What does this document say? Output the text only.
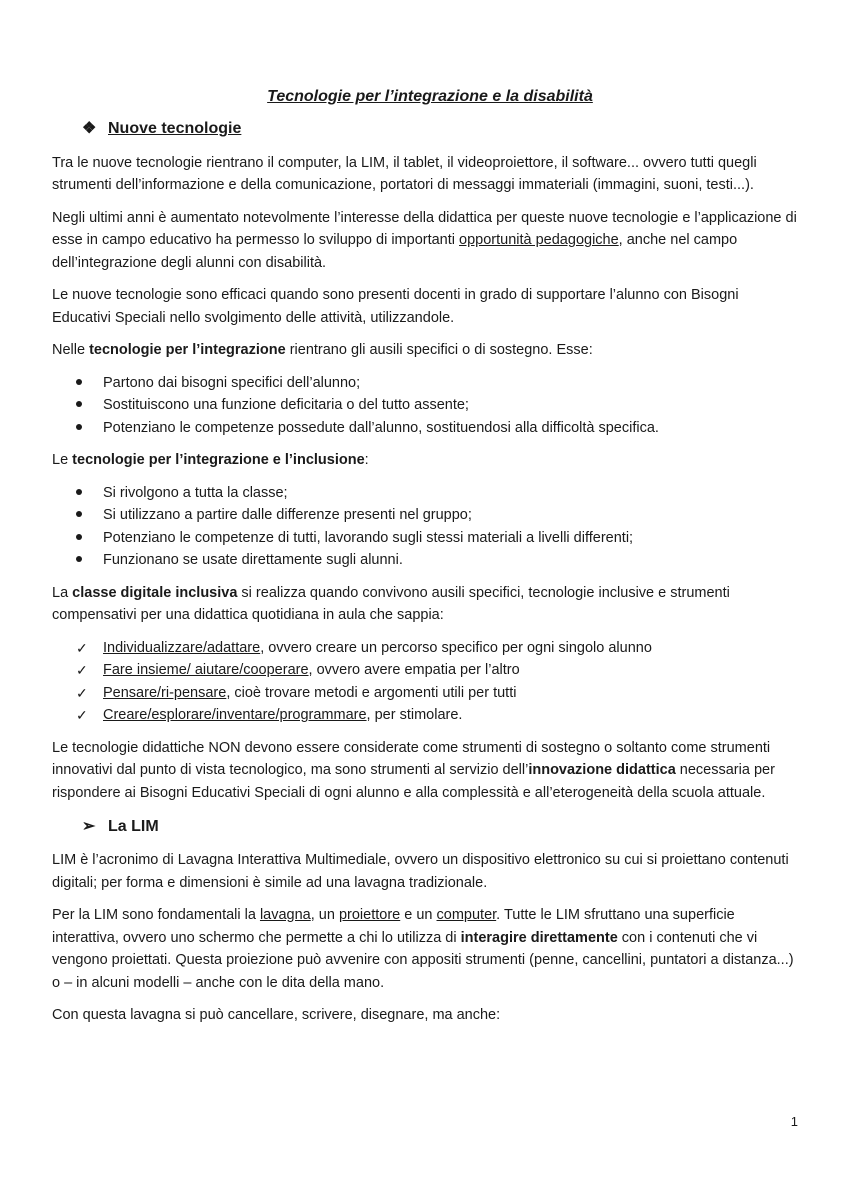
Tecnologie per l’integrazione e la disabilità
❖ Nuove tecnologie

Tra le nuove tecnologie rientrano il computer, la LIM, il tablet, il videoproiettore, il software... ovvero tutti quegli strumenti dell’informazione e della comunicazione, portatori di messaggi immateriali (immagini, suoni, testi...).

Negli ultimi anni è aumentato notevolmente l’interesse della didattica per queste nuove tecnologie e l’applicazione di esse in campo educativo ha permesso lo sviluppo di importanti opportunità pedagogiche, anche nel campo dell’integrazione degli alunni con disabilità.

Le nuove tecnologie sono efficaci quando sono presenti docenti in grado di supportare l’alunno con Bisogni Educativi Speciali nello svolgimento delle attività, utilizzandole.

Nelle tecnologie per l’integrazione rientrano gli ausili specifici o di sostegno. Esse:

Partono dai bisogni specifici dell’alunno;
Sostituiscono una funzione deficitaria o del tutto assente;
Potenziano le competenze possedute dall’alunno, sostituendosi alla difficoltà specifica.

Le tecnologie per l’integrazione e l’inclusione:

Si rivolgono a tutta la classe;
Si utilizzano a partire dalle differenze presenti nel gruppo;
Potenziano le competenze di tutti, lavorando sugli stessi materiali a livelli differenti;
Funzionano se usate direttamente sugli alunni.

La classe digitale inclusiva si realizza quando convivono ausili specifici, tecnologie inclusive e strumenti compensativi per una didattica quotidiana in aula che sappia:

✓	Individualizzare/adattare, ovvero creare un percorso specifico per ogni singolo alunno
✓	Fare insieme/ aiutare/cooperare, ovvero avere empatia per l’altro
✓	Pensare/ri-pensare, cioè trovare metodi e argomenti utili per tutti
✓	Creare/esplorare/inventare/programmare, per stimolare.

Le tecnologie didattiche NON devono essere considerate come strumenti di sostegno o soltanto come strumenti innovativi dal punto di vista tecnologico, ma sono strumenti al servizio dell’innovazione didattica necessaria per rispondere ai Bisogni Educativi Speciali di ogni alunno e alla complessità e all’eterogeneità della scuola attuale.

➢ La LIM

LIM è l’acronimo di Lavagna Interattiva Multimediale, ovvero un dispositivo elettronico su cui si proiettano contenuti digitali; per forma e dimensioni è simile ad una lavagna tradizionale.

Per la LIM sono fondamentali la lavagna, un proiettore e un computer. Tutte le LIM sfruttano una superficie interattiva, ovvero uno schermo che permette a chi lo utilizza di interagire direttamente con i contenuti che vi vengono proiettati. Questa proiezione può avvenire con appositi strumenti (penne, cancellini, puntatori a distanza...) o – in alcuni modelli – anche con le dita della mano.

Con questa lavagna si può cancellare, scrivere, disegnare, ma anche:

1
